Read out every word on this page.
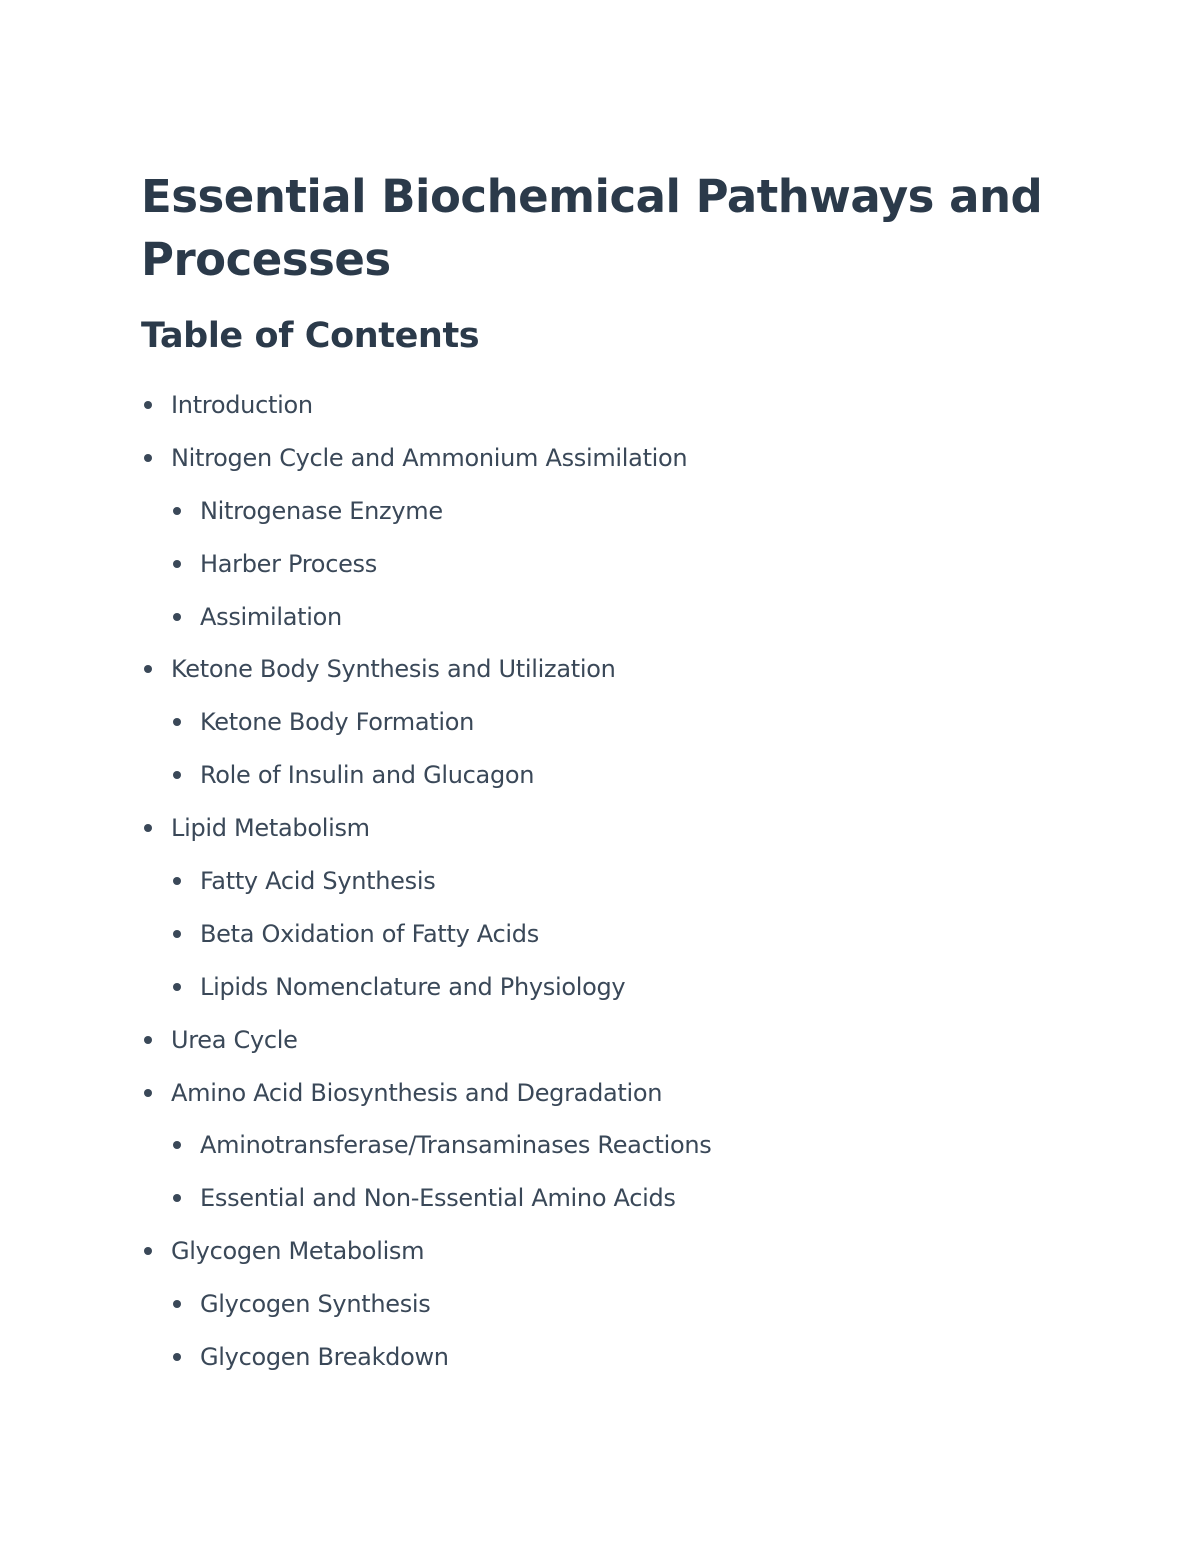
Essential Biochemical Pathways and Processes
Table of Contents
Introduction
Nitrogen Cycle and Ammonium Assimilation
Nitrogenase Enzyme
Harber Process
Assimilation
Ketone Body Synthesis and Utilization
Ketone Body Formation
Role of Insulin and Glucagon
Lipid Metabolism
Fatty Acid Synthesis
Beta Oxidation of Fatty Acids
Lipids Nomenclature and Physiology
Urea Cycle
Amino Acid Biosynthesis and Degradation
Aminotransferase/Transaminases Reactions
Essential and Non-Essential Amino Acids
Glycogen Metabolism
Glycogen Synthesis
Glycogen Breakdown
